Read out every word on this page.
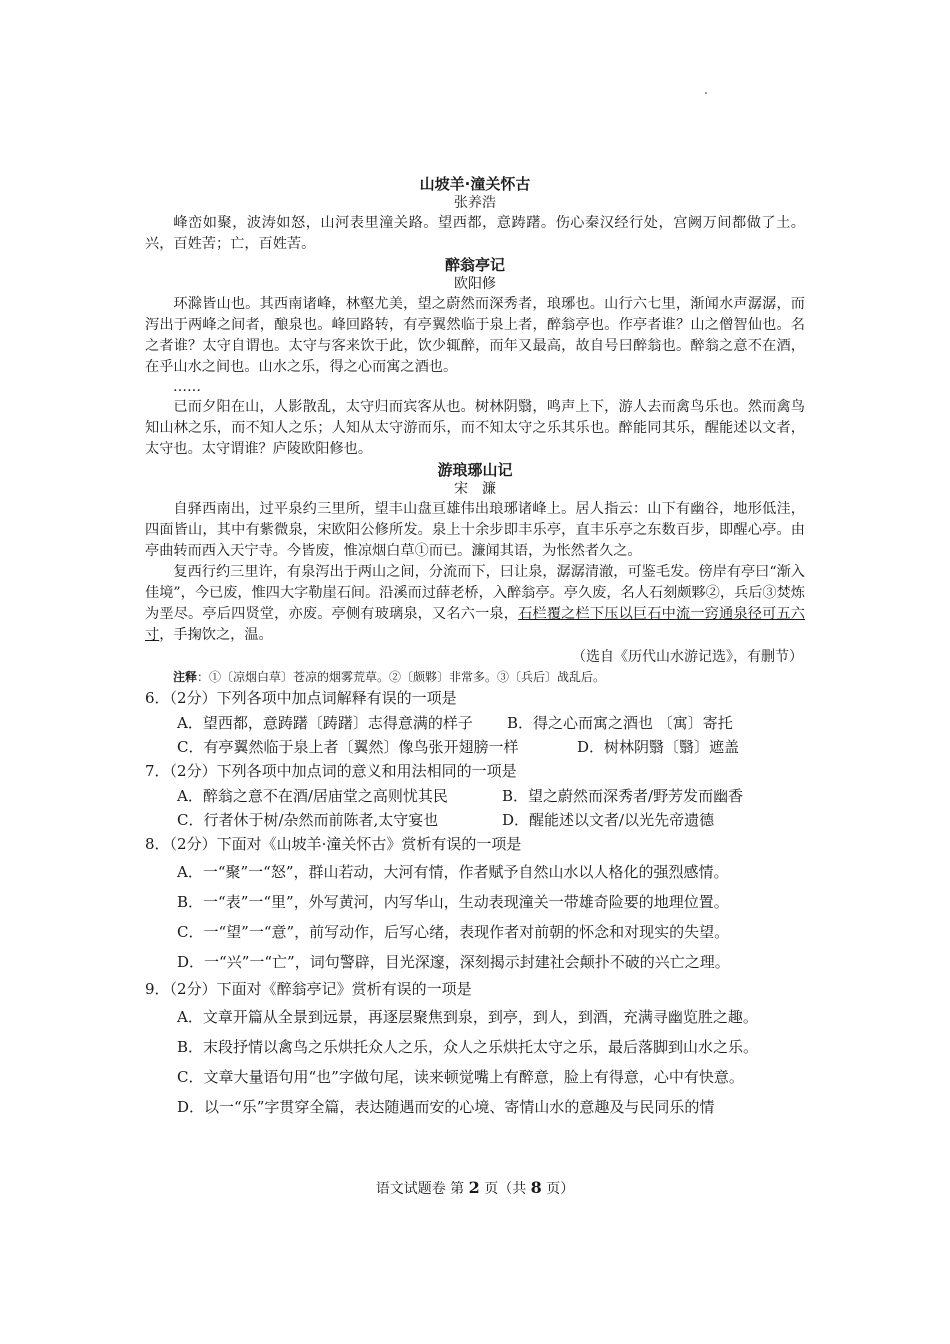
山坡羊·潼关怀古
张养浩

峰峦如聚，波涛如怒，山河表里潼关路。望西都，意踌躇。伤心秦汉经行处，宫阙万间都做了土。兴，百姓苦；亡，百姓苦。

醉翁亭记
欧阳修

环滁皆山也。其西南诸峰，林壑尤美，望之蔚然而深秀者，琅琊也。山行六七里，渐闻水声潺潺，而泻出于两峰之间者，酿泉也。峰回路转，有亭翼然临于泉上者，醉翁亭也。作亭者谁？山之僧智仙也。名之者谁？太守自谓也。太守与客来饮于此，饮少辄醉，而年又最高，故自号曰醉翁也。醉翁之意不在酒，在乎山水之间也。山水之乐，得之心而寓之酒也。

……

已而夕阳在山，人影散乱，太守归而宾客从也。树林阴翳，鸣声上下，游人去而禽鸟乐也。然而禽鸟知山林之乐，而不知人之乐；人知从太守游而乐，而不知太守之乐其乐也。醉能同其乐，醒能述以文者，太守也。太守谓谁？庐陵欧阳修也。

游琅琊山记
宋　濂

自驿西南出，过平泉约三里所，望丰山盘亘雄伟出琅琊诸峰上。居人指云：山下有幽谷，地形低洼，四面皆山，其中有紫微泉，宋欧阳公修所发。泉上十余步即丰乐亭，直丰乐亭之东数百步，即醒心亭。由亭曲转而西入天宁寺。今皆废，惟凉烟白草①而已。濂闻其语，为怅然者久之。

复西行约三里许，有泉泻出于两山之间，分流而下，曰让泉，潺潺清澈，可鉴毛发。傍岸有亭曰“渐入佳境”，今已废，惟四大字勒崖石间。沿溪而过薛老桥，入醉翁亭。亭久废，名人石刻颇夥②，兵后③焚炼为垩尽。亭后四贤堂，亦废。亭侧有玻璃泉，又名六一泉，石栏覆之栏下压以巨石中流一窍通泉径可五六寸，手掬饮之，温。

（选自《历代山水游记选》，有删节）
注释：①〔凉烟白草〕苍凉的烟雾荒草。②〔颇夥〕非常多。③〔兵后〕战乱后。
6．（2分）下列各项中加点词解释有误的一项是
A．望西都，意踌躇〔踌躇〕志得意满的样子	B．得之心而寓之酒也 〔寓〕寄托
C．有亭翼然临于泉上者〔翼然〕像鸟张开翅膀一样	D．树林阴翳〔翳〕遮盖
7．（2分）下列各项中加点词的意义和用法相同的一项是
A．醉翁之意不在酒/居庙堂之高则忧其民	B．望之蔚然而深秀者/野芳发而幽香
C．行者休于树/杂然而前陈者,太守宴也	D．醒能述以文者/以光先帝遗德
8．（2分）下面对《山坡羊·潼关怀古》赏析有误的一项是

A．一“聚”一“怒”，群山若动，大河有情，作者赋予自然山水以人格化的强烈感情。

B．一“表”一“里”，外写黄河，内写华山，生动表现潼关一带雄奇险要的地理位置。

C．一“望”一“意”，前写动作，后写心绪，表现作者对前朝的怀念和对现实的失望。

D．一“兴”一“亡”，词句警辟，目光深邃，深刻揭示封建社会颠扑不破的兴亡之理。

9．（2分）下面对《醉翁亭记》赏析有误的一项是

A．文章开篇从全景到远景，再逐层聚焦到泉，到亭，到人，到酒，充满寻幽览胜之趣。

B．末段抒情以禽鸟之乐烘托众人之乐，众人之乐烘托太守之乐，最后落脚到山水之乐。

C．文章大量语句用“也”字做句尾，读来顿觉嘴上有醉意，脸上有得意，心中有快意。

D．以一“乐”字贯穿全篇，表达随遇而安的心境、寄情山水的意趣及与民同乐的情

语文试题卷 第 2 页（共 8 页）
